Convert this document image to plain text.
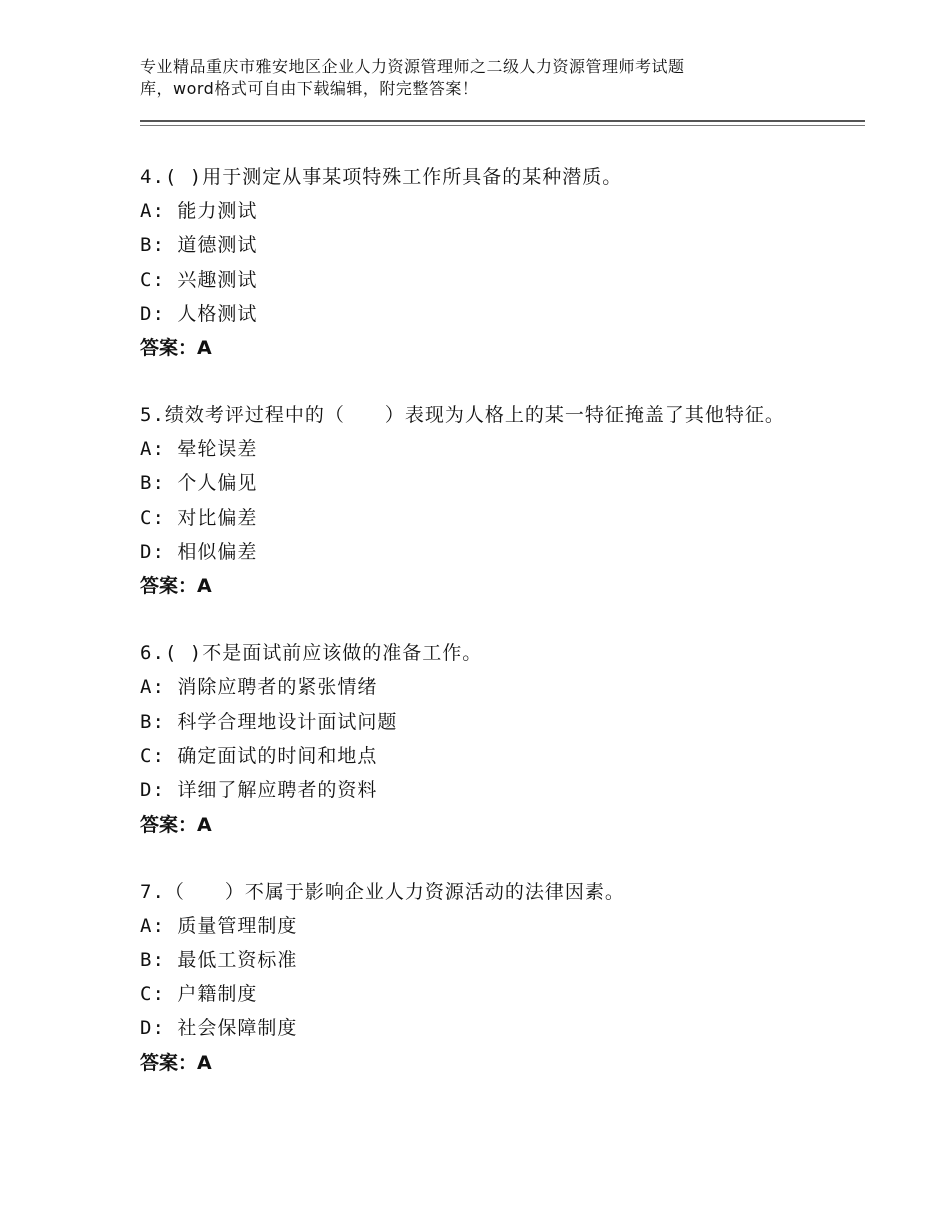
专业精品重庆市雅安地区企业人力资源管理师之二级人力资源管理师考试题
库，word格式可自由下载编辑，附完整答案！
4.( )用于测定从事某项特殊工作所具备的某种潜质。
A: 能力测试
B: 道德测试
C: 兴趣测试
D: 人格测试
答案：A
5.绩效考评过程中的（　　）表现为人格上的某一特征掩盖了其他特征。
A: 晕轮误差
B: 个人偏见
C: 对比偏差
D: 相似偏差
答案：A
6.( )不是面试前应该做的准备工作。
A: 消除应聘者的紧张情绪
B: 科学合理地设计面试问题
C: 确定面试的时间和地点
D: 详细了解应聘者的资料
答案：A
7.（　　）不属于影响企业人力资源活动的法律因素。
A: 质量管理制度
B: 最低工资标准
C: 户籍制度
D: 社会保障制度
答案：A
